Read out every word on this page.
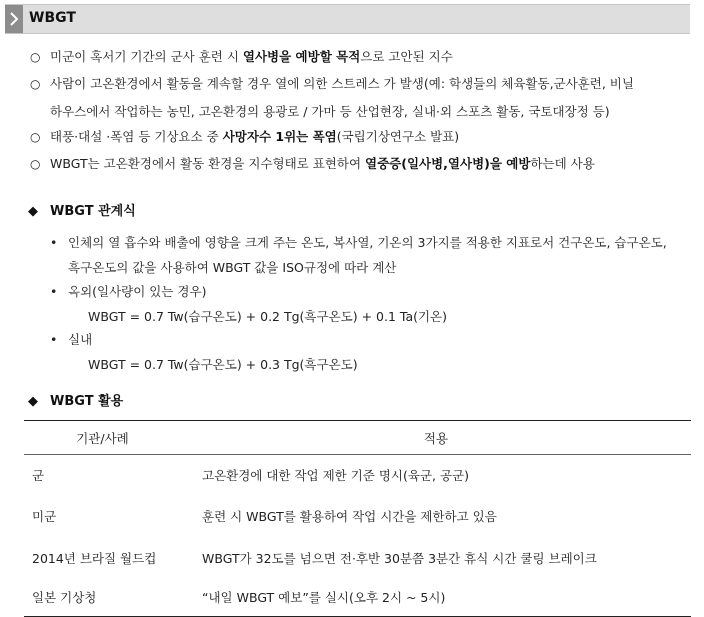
WBGT
○ 미군이 혹서기 기간의 군사 훈련 시 열사병을 예방할 목적으로 고안된 지수
○ 사람이 고온환경에서 활동을 계속할 경우 열에 의한 스트레스 가 발생(예: 학생들의 체육활동,군사훈련, 비닐
하우스에서 작업하는 농민, 고온환경의 용광로 / 가마 등 산업현장, 실내·외 스포츠 활동, 국토대장정 등)
○ 태풍·대설 ·폭염 등 기상요소 중 사망자수 1위는 폭염(국립기상연구소 발표)
○ WBGT는 고온환경에서 활동 환경을 지수형태로 표현하여 열중증(일사병,열사병)을 예방하는데 사용
◆ WBGT 관계식
• 인체의 열 흡수와 배출에 영향을 크게 주는 온도, 복사열, 기온의 3가지를 적용한 지표로서 건구온도, 습구온도,
흑구온도의 값을 사용하여 WBGT 값을 ISO규정에 따라 계산
• 옥외(일사량이 있는 경우)
WBGT = 0.7 Tw(습구온도) + 0.2 Tg(흑구온도) + 0.1 Ta(기온)
• 실내
WBGT = 0.7 Tw(습구온도) + 0.3 Tg(흑구온도)
◆ WBGT 활용
기관/사례	적용
군	고온환경에 대한 작업 제한 기준 명시(육군, 공군)
미군	훈련 시 WBGT를 활용하여 작업 시간을 제한하고 있음
2014년 브라질 월드컵	WBGT가 32도를 넘으면 전·후반 30분쯤 3분간 휴식 시간 쿨링 브레이크
일본 기상청	“내일 WBGT 예보”를 실시(오후 2시 ~ 5시)
